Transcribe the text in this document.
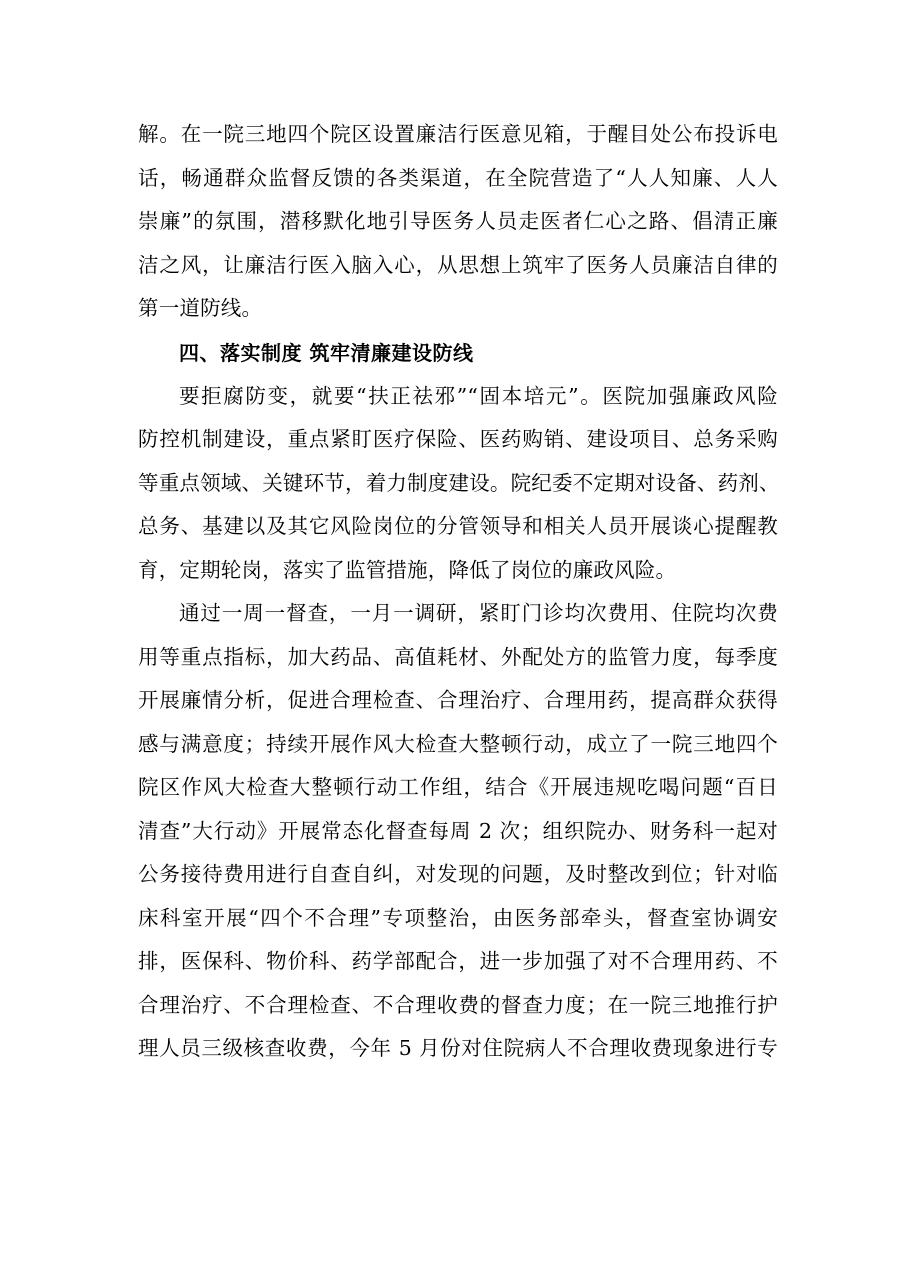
解。在一院三地四个院区设置廉洁行医意见箱，于醒目处公布投诉电
话，畅通群众监督反馈的各类渠道，在全院营造了“人人知廉、人人
崇廉”的氛围，潜移默化地引导医务人员走医者仁心之路、倡清正廉
洁之风，让廉洁行医入脑入心，从思想上筑牢了医务人员廉洁自律的
第一道防线。
四、落实制度 筑牢清廉建设防线
要拒腐防变，就要“扶正祛邪”“固本培元”。医院加强廉政风险
防控机制建设，重点紧盯医疗保险、医药购销、建设项目、总务采购
等重点领域、关键环节，着力制度建设。院纪委不定期对设备、药剂、
总务、基建以及其它风险岗位的分管领导和相关人员开展谈心提醒教
育，定期轮岗，落实了监管措施，降低了岗位的廉政风险。
通过一周一督查，一月一调研，紧盯门诊均次费用、住院均次费
用等重点指标，加大药品、高值耗材、外配处方的监管力度，每季度
开展廉情分析，促进合理检查、合理治疗、合理用药，提高群众获得
感与满意度；持续开展作风大检查大整顿行动，成立了一院三地四个
院区作风大检查大整顿行动工作组，结合《开展违规吃喝问题“百日
清查”大行动》开展常态化督查每周 2 次；组织院办、财务科一起对
公务接待费用进行自查自纠，对发现的问题，及时整改到位；针对临
床科室开展“四个不合理”专项整治，由医务部牵头，督查室协调安
排，医保科、物价科、药学部配合，进一步加强了对不合理用药、不
合理治疗、不合理检查、不合理收费的督查力度；在一院三地推行护
理人员三级核查收费，今年 5 月份对住院病人不合理收费现象进行专
